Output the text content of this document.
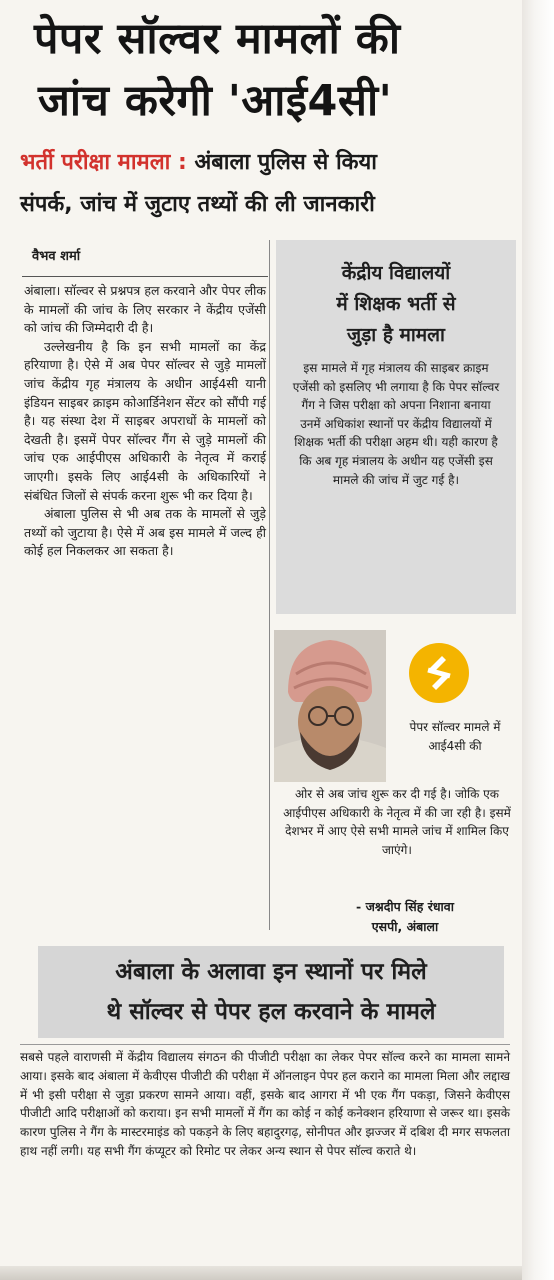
पेपर सॉल्वर मामलों की
जांच करेगी 'आई4सी'
भर्ती परीक्षा मामला : अंबाला पुलिस से किया
संपर्क, जांच में जुटाए तथ्यों की ली जानकारी
वैभव शर्मा

अंबाला। सॉल्वर से प्रश्नपत्र हल करवाने और पेपर लीक के मामलों की जांच के लिए सरकार ने केंद्रीय एजेंसी को जांच की जिम्मेदारी दी है।

उल्लेखनीय है कि इन सभी मामलों का केंद्र हरियाणा है। ऐसे में अब पेपर सॉल्वर से जुड़े मामलों जांच केंद्रीय गृह मंत्रालय के अधीन आई4सी यानी इंडियन साइबर क्राइम कोआर्डिनेशन सेंटर को सौंपी गई है। यह संस्था देश में साइबर अपराधों के मामलों को देखती है। इसमें पेपर सॉल्वर गैंग से जुड़े मामलों की जांच एक आईपीएस अधिकारी के नेतृत्व में कराई जाएगी। इसके लिए आई4सी के अधिकारियों ने संबंधित जिलों से संपर्क करना शुरू भी कर दिया है।

अंबाला पुलिस से भी अब तक के मामलों से जुड़े तथ्यों को जुटाया है। ऐसे में अब इस मामले में जल्द ही कोई हल निकलकर आ सकता है।

केंद्रीय विद्यालयों
में शिक्षक भर्ती से
जुड़ा है मामला
इस मामले में गृह मंत्रालय की साइबर क्राइम एजेंसी को इसलिए भी लगाया है कि पेपर सॉल्वर गैंग ने जिस परीक्षा को अपना निशाना बनाया उनमें अधिकांश स्थानों पर केंद्रीय विद्यालयों में शिक्षक भर्ती की परीक्षा अहम थी। यही कारण है कि अब गृह मंत्रालय के अधीन यह एजेंसी इस मामले की जांच में जुट गई है।
पेपर सॉल्वर मामले में आई4सी की
ओर से अब जांच शुरू कर दी गई है। जोकि एक आईपीएस अधिकारी के नेतृत्व में की जा रही है। इसमें देशभर में आए ऐसे सभी मामले जांच में शामिल किए जाएंगे।
- जश्नदीप सिंह रंधावा
एसपी, अंबाला
अंबाला के अलावा इन स्थानों पर मिले
थे सॉल्वर से पेपर हल करवाने के मामले

सबसे पहले वाराणसी में केंद्रीय विद्यालय संगठन की पीजीटी परीक्षा का लेकर पेपर सॉल्व करने का मामला सामने आया। इसके बाद अंबाला में केवीएस पीजीटी की परीक्षा में ऑनलाइन पेपर हल कराने का मामला मिला और लद्दाख में भी इसी परीक्षा से जुड़ा प्रकरण सामने आया। वहीं, इसके बाद आगरा में भी एक गैंग पकड़ा, जिसने केवीएस पीजीटी आदि परीक्षाओं को कराया। इन सभी मामलों में गैंग का कोई न कोई कनेक्शन हरियाणा से जरूर था। इसके कारण पुलिस ने गैंग के मास्टरमाइंड को पकड़ने के लिए बहादुरगढ़, सोनीपत और झज्जर में दबिश दी मगर सफलता हाथ नहीं लगी। यह सभी गैंग कंप्यूटर को रिमोट पर लेकर अन्य स्थान से पेपर सॉल्व कराते थे।
